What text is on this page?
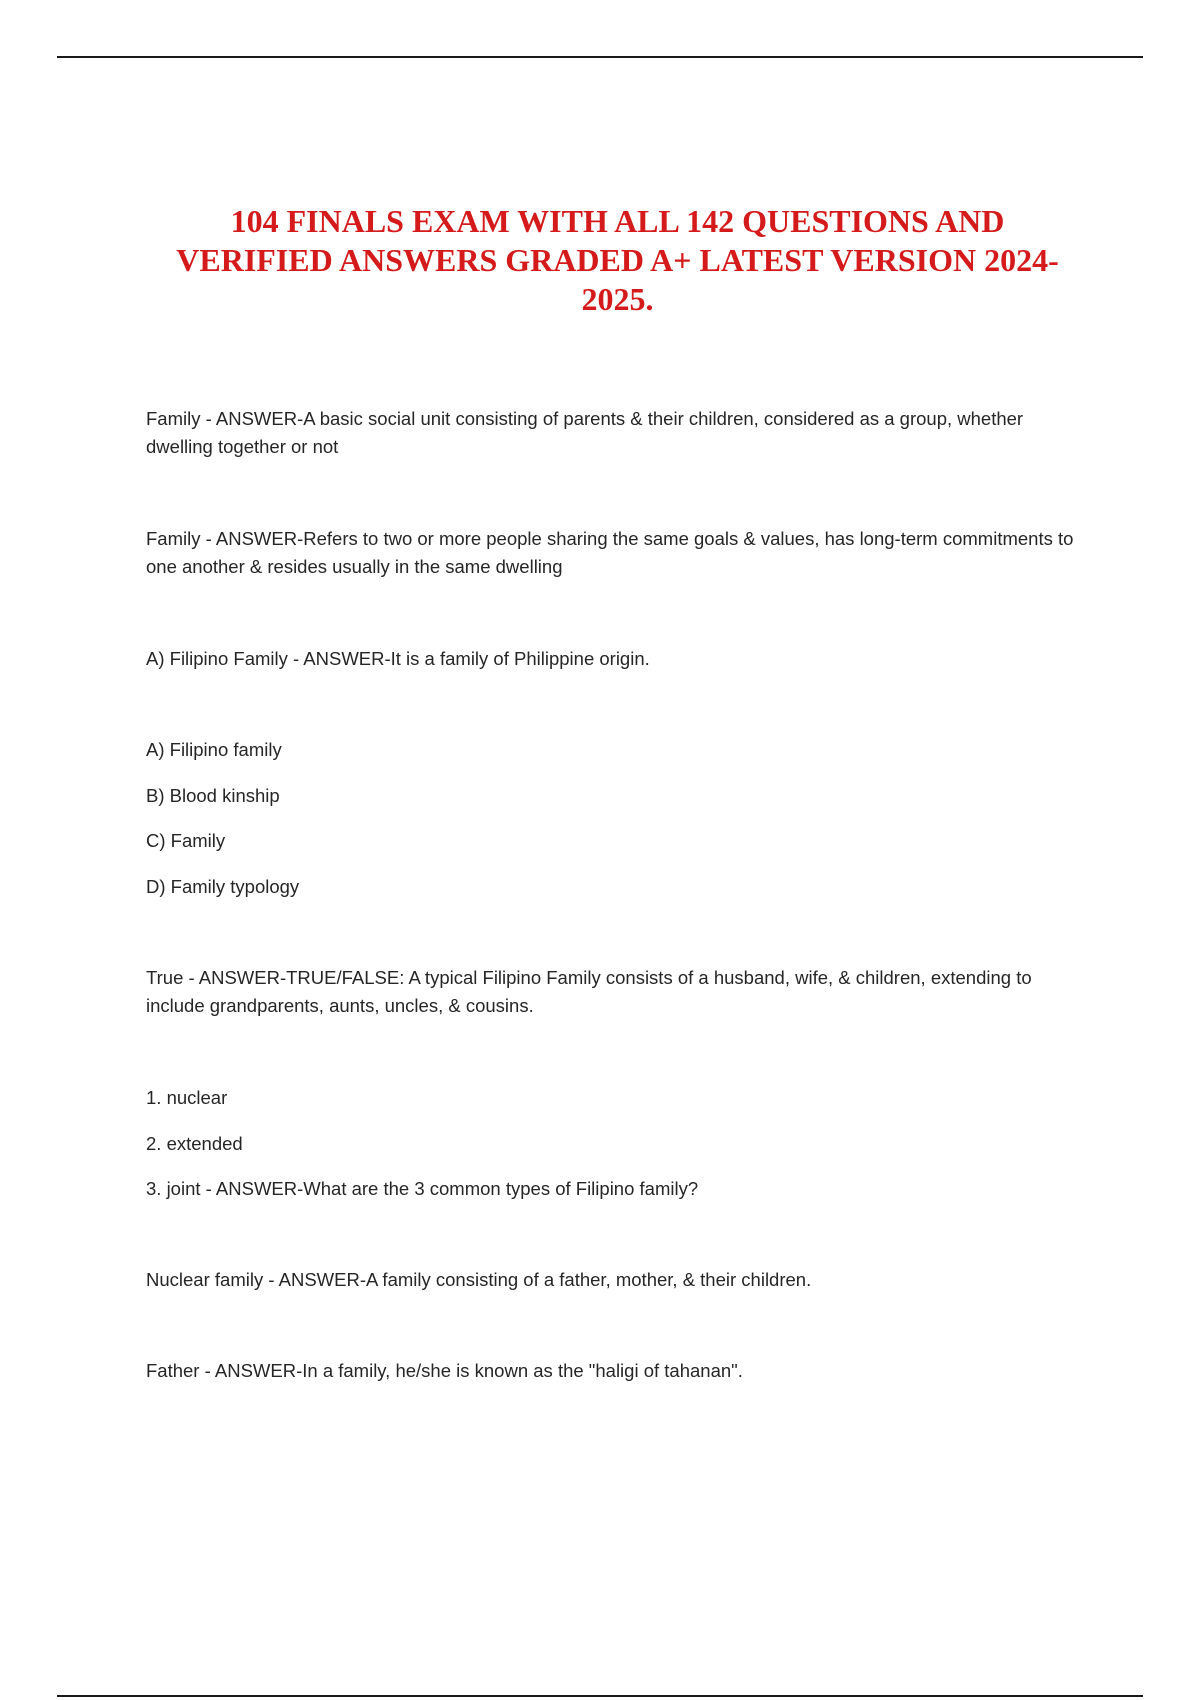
104 FINALS EXAM WITH ALL 142 QUESTIONS AND VERIFIED ANSWERS GRADED A+ LATEST VERSION 2024-2025.

Family - ANSWER-A basic social unit consisting of parents & their children, considered as a group, whether dwelling together or not

Family - ANSWER-Refers to two or more people sharing the same goals & values, has long-term commitments to one another & resides usually in the same dwelling

A) Filipino Family - ANSWER-It is a family of Philippine origin.

A) Filipino family

B) Blood kinship

C) Family

D) Family typology

True - ANSWER-TRUE/FALSE: A typical Filipino Family consists of a husband, wife, & children, extending to include grandparents, aunts, uncles, & cousins.

1. nuclear

2. extended

3. joint - ANSWER-What are the 3 common types of Filipino family?

Nuclear family - ANSWER-A family consisting of a father, mother, & their children.

Father - ANSWER-In a family, he/she is known as the "haligi of tahanan".
